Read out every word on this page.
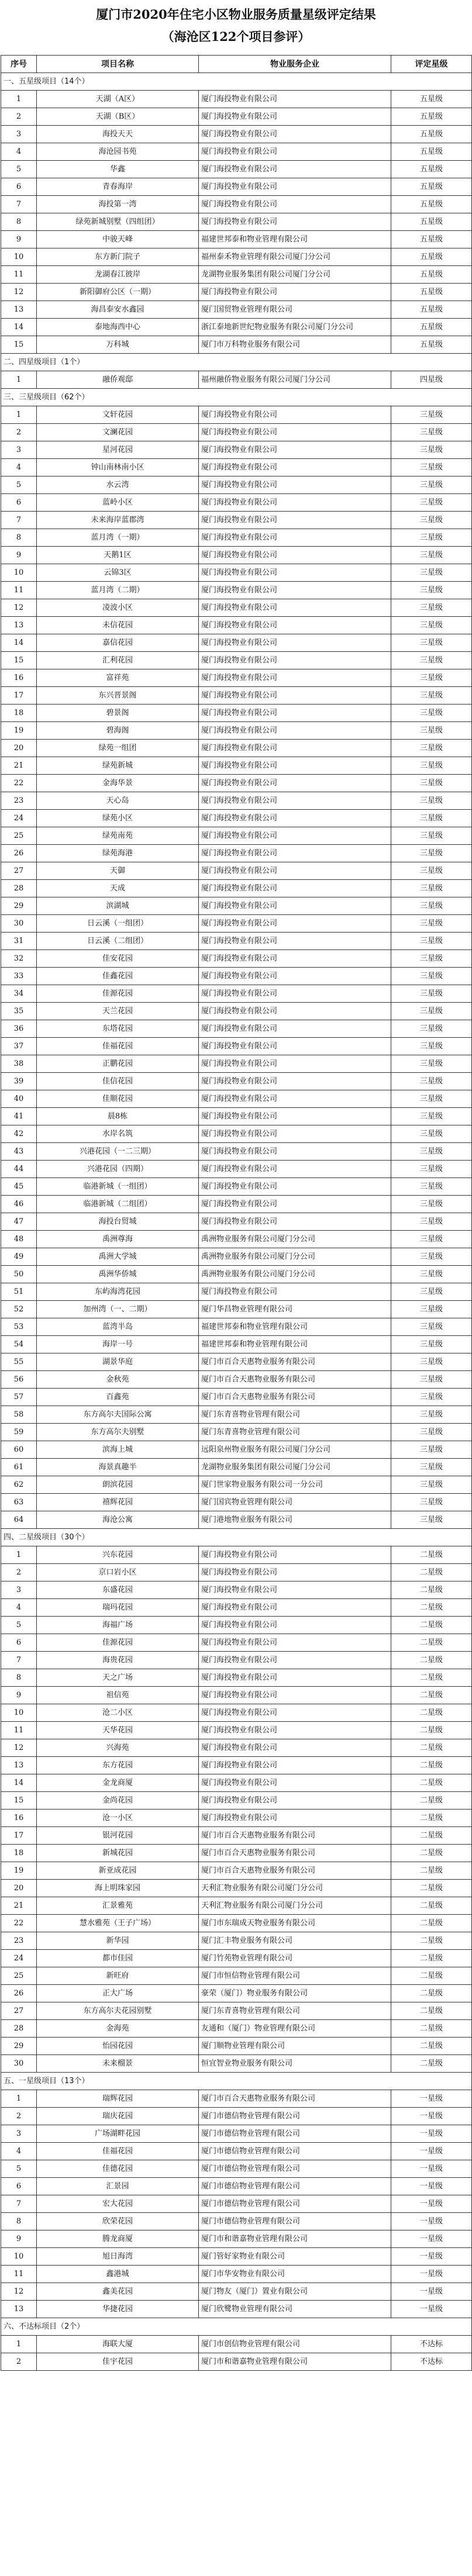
厦门市2020年住宅小区物业服务质量星级评定结果
（海沧区122个项目参评）
序号	项目名称	物业服务企业	评定星级
一、五星级项目（14个）			
1	天湖（A区）	厦门海投物业有限公司	五星级
2	天湖（B区）	厦门海投物业有限公司	五星级
3	海投天天	厦门海投物业有限公司	五星级
4	海沧园书苑	厦门海投物业有限公司	五星级
5	华鑫	厦门海投物业有限公司	五星级
6	青春海岸	厦门海投物业有限公司	五星级
7	海投第一湾	厦门海投物业有限公司	五星级
8	绿苑新城别墅（四组团）	厦门海投物业有限公司	五星级
9	中骏天峰	福建世邦泰和物业管理有限公司	五星级
10	东方新门院子	福州泰禾物业管理有限公司厦门分公司	五星级
11	龙湖春江彼岸	龙湖物业服务集团有限公司厦门分公司	五星级
12	新阳御府公区（一期）	厦门海投物业有限公司	五星级
13	海昌泰安水鑫园	厦门国贸物业管理有限公司	五星级
14	泰地海西中心	浙江泰地新世纪物业服务有限公司厦门分公司	五星级
15	万科城	厦门市万科物业服务有限公司	五星级
二、四星级项目（1个）			
1	融侨观邸	福州融侨物业服务有限公司厦门分公司	四星级
三、三星级项目（62个）			
1	文轩花园	厦门海投物业有限公司	三星级
2	文澜花园	厦门海投物业有限公司	三星级
3	星河花园	厦门海投物业有限公司	三星级
4	钟山南林南小区	厦门海投物业有限公司	三星级
5	水云湾	厦门海投物业有限公司	三星级
6	蓝岭小区	厦门海投物业有限公司	三星级
7	未来海岸蓝郡湾	厦门海投物业有限公司	三星级
8	蓝月湾（一期）	厦门海投物业有限公司	三星级
9	天鹅1区	厦门海投物业有限公司	三星级
10	云锦3区	厦门海投物业有限公司	三星级
11	蓝月湾（二期）	厦门海投物业有限公司	三星级
12	凌波小区	厦门海投物业有限公司	三星级
13	未信花园	厦门海投物业有限公司	三星级
14	嘉信花园	厦门海投物业有限公司	三星级
15	汇利花园	厦门海投物业有限公司	三星级
16	富祥苑	厦门海投物业有限公司	三星级
17	东兴晋景阁	厦门海投物业有限公司	三星级
18	碧景阁	厦门海投物业有限公司	三星级
19	碧海阁	厦门海投物业有限公司	三星级
20	绿苑一组团	厦门海投物业有限公司	三星级
21	绿苑新城	厦门海投物业有限公司	三星级
22	金海华景	厦门海投物业有限公司	三星级
23	天心岛	厦门海投物业有限公司	三星级
24	绿苑小区	厦门海投物业有限公司	三星级
25	绿苑南苑	厦门海投物业有限公司	三星级
26	绿苑海港	厦门海投物业有限公司	三星级
27	天御	厦门海投物业有限公司	三星级
28	天成	厦门海投物业有限公司	三星级
29	滨湖城	厦门海投物业有限公司	三星级
30	日云溪（一组团）	厦门海投物业有限公司	三星级
31	日云溪（二组团）	厦门海投物业有限公司	三星级
32	佳安花园	厦门海投物业有限公司	三星级
33	佳鑫花园	厦门海投物业有限公司	三星级
34	佳源花园	厦门海投物业有限公司	三星级
35	天兰花园	厦门海投物业有限公司	三星级
36	东塔花园	厦门海投物业有限公司	三星级
37	佳福花园	厦门海投物业有限公司	三星级
38	正鹏花园	厦门海投物业有限公司	三星级
39	佳信花园	厦门海投物业有限公司	三星级
40	佳顺花园	厦门海投物业有限公司	三星级
41	晨8栋	厦门海投物业有限公司	三星级
42	水岸名筑	厦门海投物业有限公司	三星级
43	兴港花园（一二三期）	厦门海投物业有限公司	三星级
44	兴港花园（四期）	厦门海投物业有限公司	三星级
45	临港新城（一组团）	厦门海投物业有限公司	三星级
46	临港新城（二组团）	厦门海投物业有限公司	三星级
47	海投台贸城	厦门海投物业有限公司	三星级
48	禹洲尊海	禹洲物业服务有限公司厦门分公司	三星级
49	禹洲大学城	禹洲物业服务有限公司厦门分公司	三星级
50	禹洲华侨城	禹洲物业服务有限公司厦门分公司	三星级
51	东屿海湾花园	厦门海投物业有限公司	三星级
52	加州湾（一、二期）	厦门华昌物业管理有限公司	三星级
53	蓝湾半岛	福建世邦泰和物业管理有限公司	三星级
54	海岸一号	福建世邦泰和物业管理有限公司	三星级
55	湖景华庭	厦门市百合天惠物业服务有限公司	三星级
56	金秋苑	厦门市百合天惠物业服务有限公司	三星级
57	百鑫苑	厦门市百合天惠物业服务有限公司	三星级
58	东方高尔夫国际公寓	厦门东青喜物业管理有限公司	三星级
59	东方高尔夫别墅	厦门东青喜物业管理有限公司	三星级
60	滨海上城	远阳泉州物业服务有限公司厦门分公司	三星级
61	海景真趣半	龙湖物业服务集团有限公司厦门分公司	三星级
62	朗滨花园	厦门世家物业服务有限公司一分公司	三星级
63	禧辉花园	厦门国宾物业管理有限公司	三星级
64	海沧公寓	厦门港地物业服务有限公司	三星级
四、二星级项目（30个）			
1	兴东花园	厦门海投物业有限公司	二星级
2	京口岩小区	厦门海投物业有限公司	二星级
3	东盛花园	厦门海投物业有限公司	二星级
4	瑞玛花园	厦门海投物业有限公司	二星级
5	海福广场	厦门海投物业有限公司	二星级
6	佳源花园	厦门海投物业有限公司	二星级
7	海贵花园	厦门海投物业有限公司	二星级
8	天之广场	厦门海投物业有限公司	二星级
9	祖信苑	厦门海投物业有限公司	二星级
10	沧二小区	厦门海投物业有限公司	二星级
11	天华花园	厦门海投物业有限公司	二星级
12	兴海苑	厦门海投物业有限公司	二星级
13	东方花园	厦门海投物业有限公司	二星级
14	金龙商厦	厦门海投物业有限公司	二星级
15	金尚花园	厦门海投物业有限公司	二星级
16	沧一小区	厦门海投物业有限公司	二星级
17	银河花园	厦门市百合天惠物业服务有限公司	二星级
18	新城花园	厦门市百合天惠物业服务有限公司	二星级
19	新亚成花园	厦门市百合天惠物业服务有限公司	二星级
20	海上明珠家园	天利汇物业服务有限公司厦门分公司	二星级
21	汇景雅苑	天利汇物业服务有限公司厦门分公司	二星级
22	慧水雅苑（王子广场）	厦门市东瑞成天物业服务有限公司	二星级
23	新华园	厦门汇丰物业服务有限公司	二星级
24	都市佳园	厦门竹苑物业管理有限公司	二星级
25	新旺府	厦门市恒信物业管理有限公司	二星级
26	正大广场	豪荣（厦门）物业服务有限公司	二星级
27	东方高尔夫花园别墅	厦门东青喜物业管理有限公司	二星级
28	金海苑	友通和（厦门）物业管理有限公司	二星级
29	怡园花园	厦门顺物业管理有限公司	二星级
30	未来榴景	恒宜智业物业服务有限公司	二星级
五、一星级项目（13个）			
1	瑞辉花园	厦门市百合天惠物业服务有限公司	一星级
2	瑞庆花园	厦门市德信物业管理有限公司	一星级
3	广场湖畔花园	厦门市德信物业管理有限公司	一星级
4	佳福花园	厦门市德信物业管理有限公司	一星级
5	佳德花园	厦门市德信物业管理有限公司	一星级
6	汇景园	厦门市德信物业管理有限公司	一星级
7	宏大花园	厦门市德信物业管理有限公司	一星级
8	欣荣花园	厦门市德信物业管理有限公司	一星级
9	腾龙商厦	厦门市和谐嘉物业管理有限公司	一星级
10	旭日海湾	厦门管好家物业有限公司	一星级
11	鑫港城	厦门市华安物业有限公司	一星级
12	鑫美花园	厦门物友（厦门）置业有限公司	一星级
13	华捷花园	厦门欣鹭物业管理有限公司	一星级
六、不达标项目（2个）			
1	海联大厦	厦门市创信物业管理有限公司	不达标
2	佳宇花园	厦门市和谐嘉物业管理有限公司	不达标
